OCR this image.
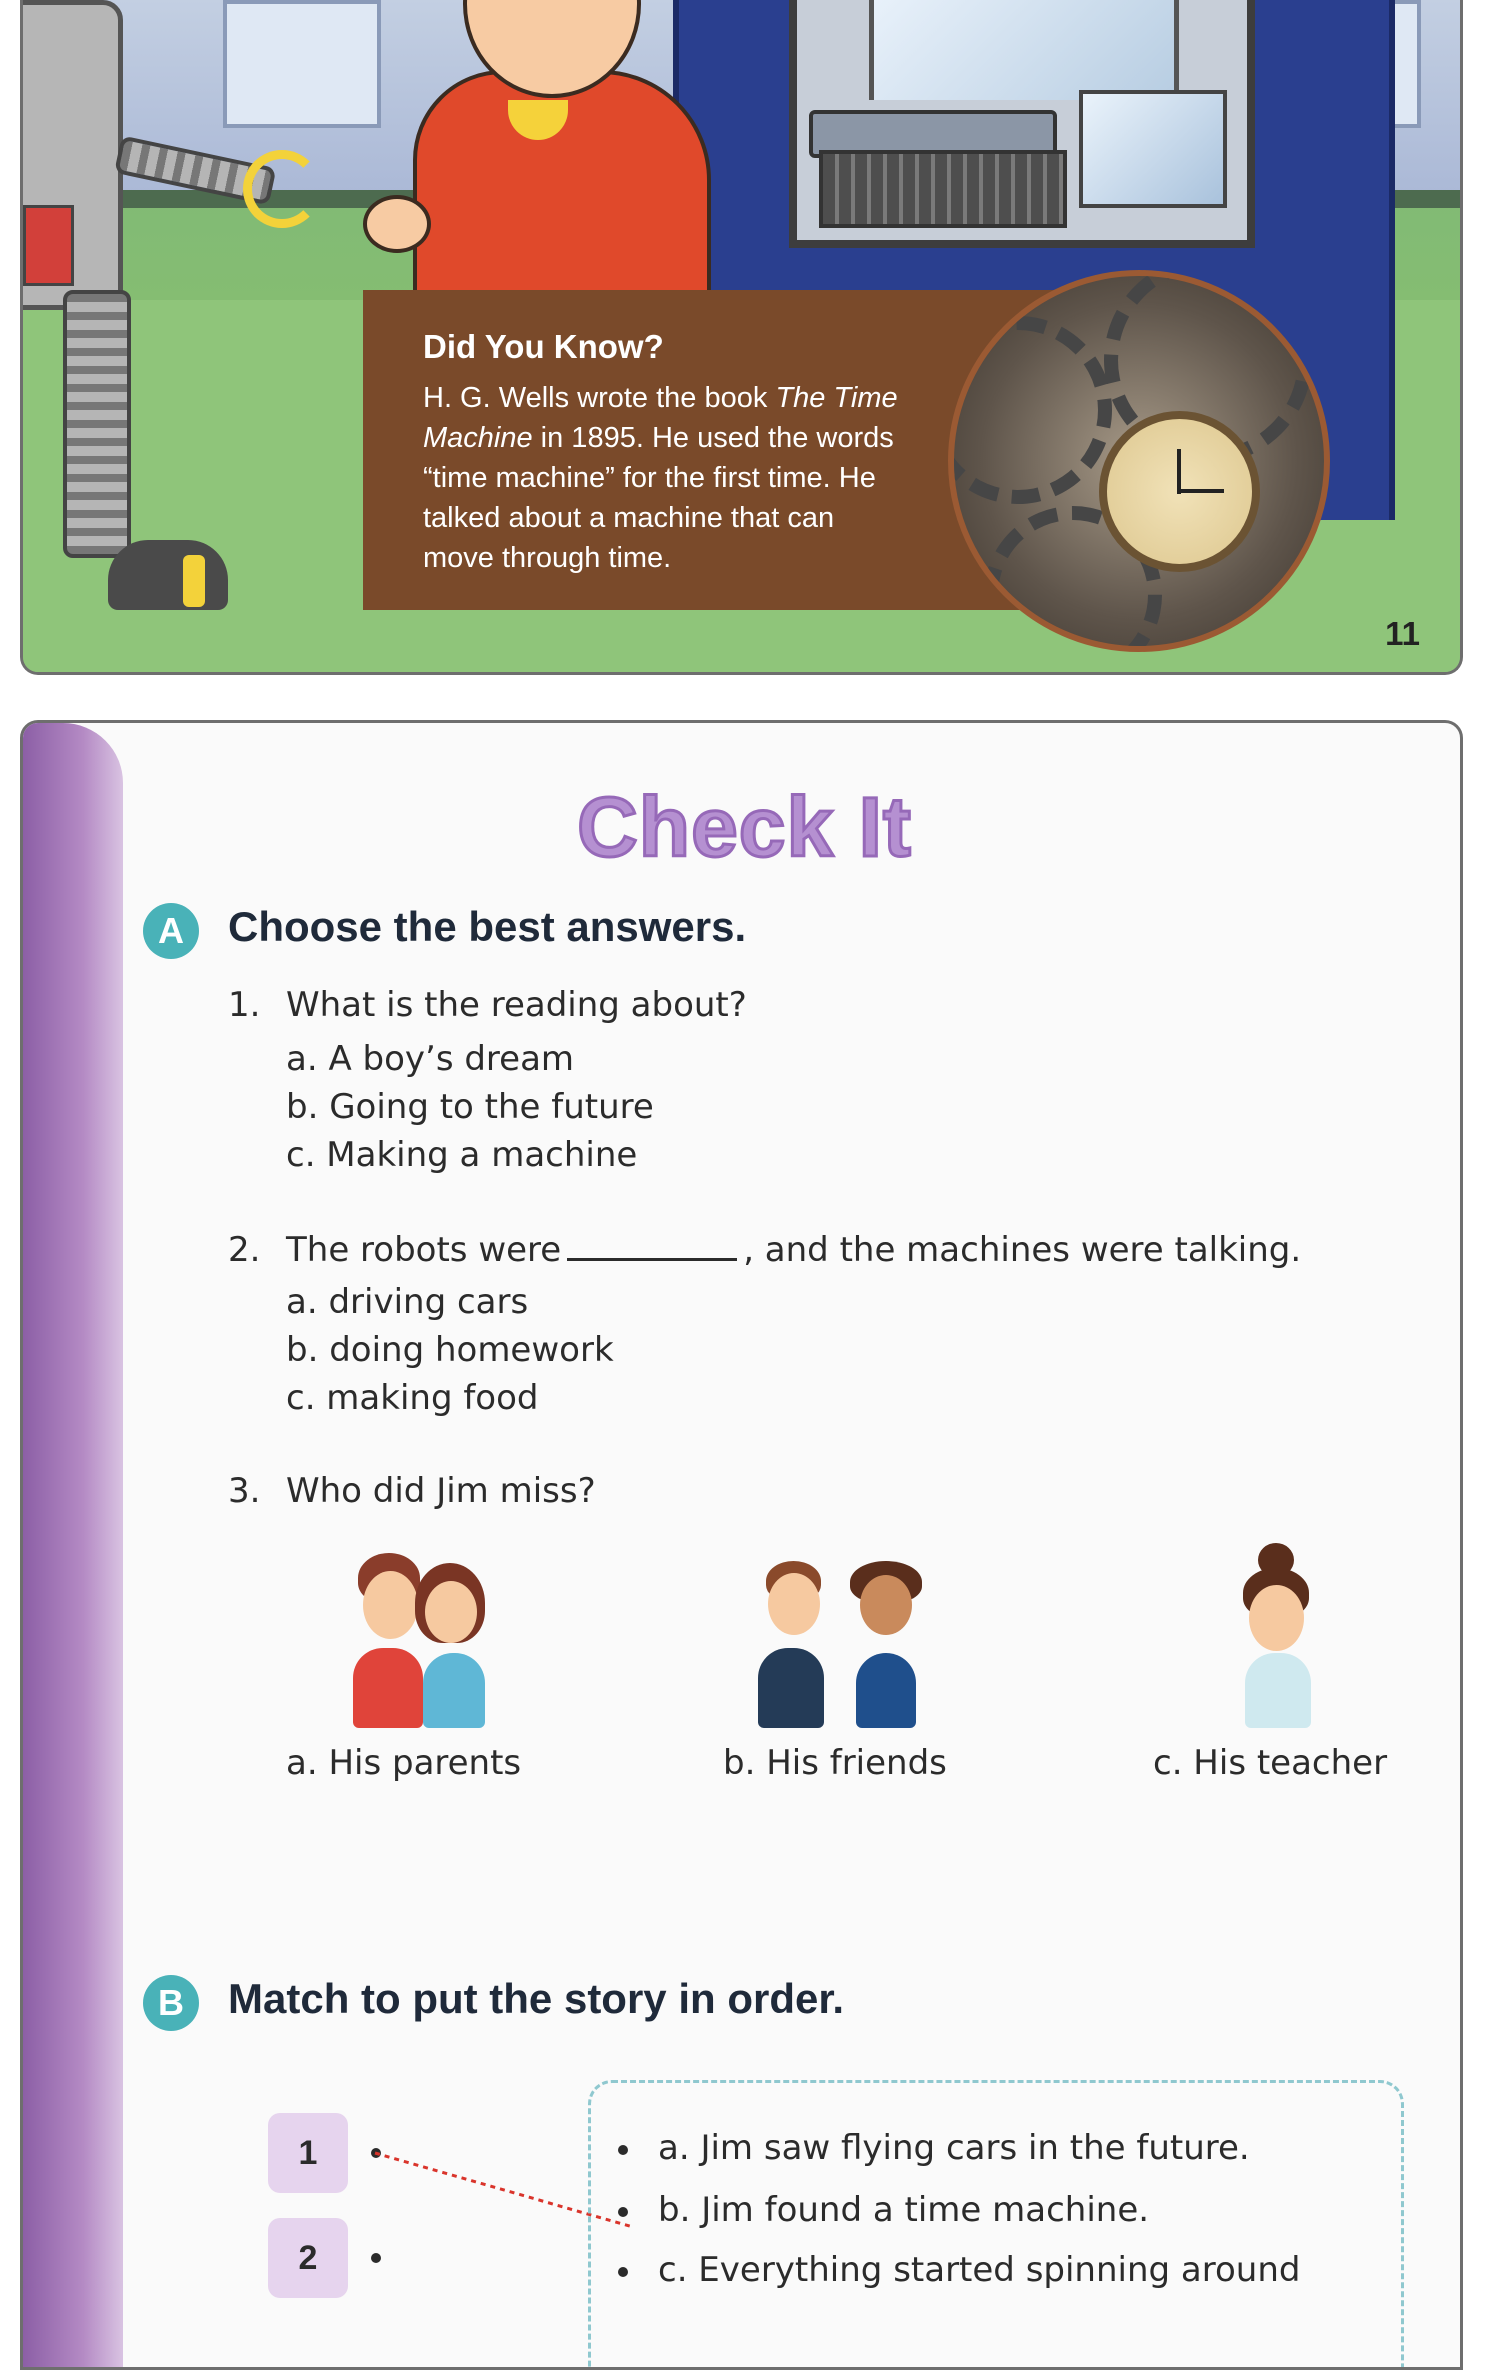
Did You Know?
H. G. Wells wrote the book The Time
Machine in 1895. He used the words
“time machine” for the first time. He
talked about a machine that can
move through time.
11
Check It
A	Choose the best answers.
1. What is the reading about?
a. A boy’s dream
b. Going to the future
c. Making a machine
2. The robots were	, and the machines were talking.
a. driving cars
b. doing homework
c. making food
3. Who did Jim miss?
a. His parents	b. His friends	c. His teacher
B	Match to put the story in order.
1
2
a. Jim saw flying cars in the future.
b. Jim found a time machine.
c. Everything started spinning around
